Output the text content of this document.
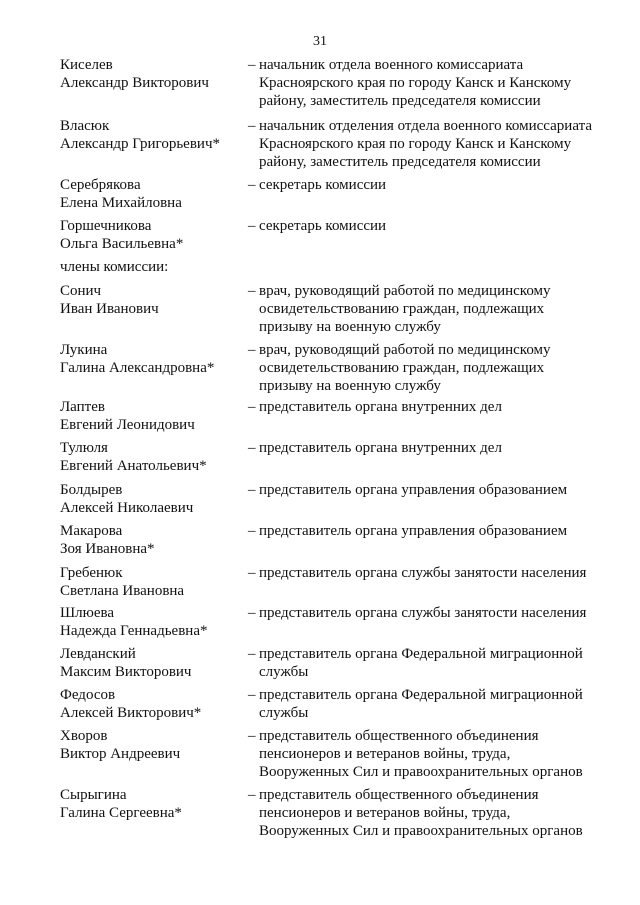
31
Киселев
Александр Викторович
– начальник отдела военного комиссариата
Красноярского края по городу Канск и Канскому
району, заместитель председателя комиссии
Власюк
Александр Григорьевич*
– начальник отделения отдела военного комиссариата
Красноярского края по городу Канск и Канскому
району, заместитель председателя комиссии
Серебрякова
Елена Михайловна
– секретарь комиссии
Горшечникова
Ольга Васильевна*
– секретарь комиссии
члены комиссии:
Сонич
Иван Иванович
– врач, руководящий работой по медицинскому
освидетельствованию граждан, подлежащих
призыву на военную службу
Лукина
Галина Александровна*
– врач, руководящий работой по медицинскому
освидетельствованию граждан, подлежащих
призыву на военную службу
Лаптев
Евгений Леонидович
– представитель органа внутренних дел
Тулюля
Евгений Анатольевич*
– представитель органа внутренних дел
Болдырев
Алексей Николаевич
– представитель органа управления образованием
Макарова
Зоя Ивановна*
– представитель органа управления образованием
Гребенюк
Светлана Ивановна
– представитель органа службы занятости населения
Шлюева
Надежда Геннадьевна*
– представитель органа службы занятости населения
Левданский
Максим Викторович
– представитель органа Федеральной миграционной
службы
Федосов
Алексей Викторович*
– представитель органа Федеральной миграционной
службы
Хворов
Виктор Андреевич
– представитель общественного объединения
пенсионеров и ветеранов войны, труда,
Вооруженных Сил и правоохранительных органов
Сырыгина
Галина Сергеевна*
– представитель общественного объединения
пенсионеров и ветеранов войны, труда,
Вооруженных Сил и правоохранительных органов
